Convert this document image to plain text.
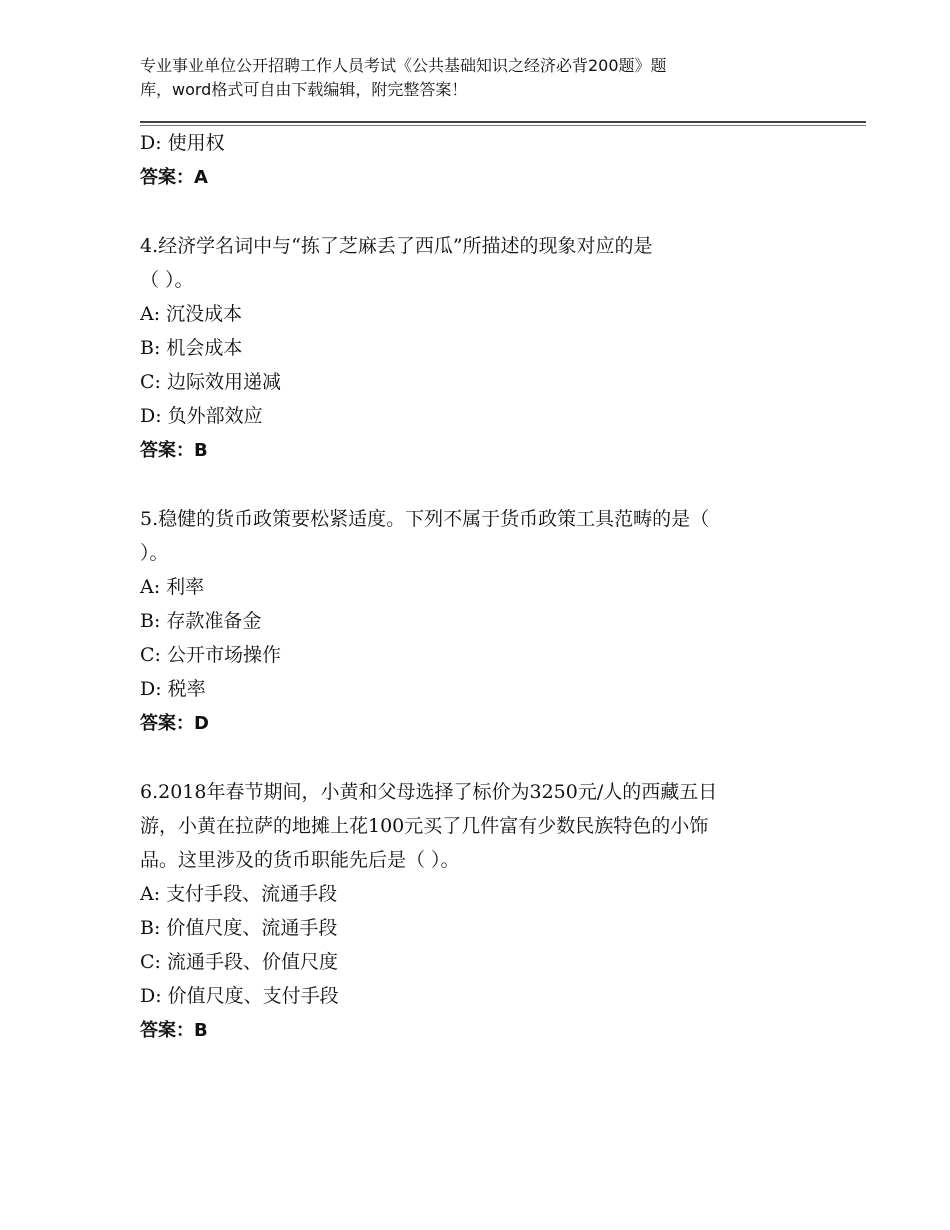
专业事业单位公开招聘工作人员考试《公共基础知识之经济必背200题》题
库，word格式可自由下载编辑，附完整答案！
D: 使用权
答案：A
4.经济学名词中与“拣了芝麻丢了西瓜”所描述的现象对应的是
（ ）。
A: 沉没成本
B: 机会成本
C: 边际效用递减
D: 负外部效应
答案：B
5.稳健的货币政策要松紧适度。下列不属于货币政策工具范畴的是（
）。
A: 利率
B: 存款准备金
C: 公开市场操作
D: 税率
答案：D
6.2018年春节期间，小黄和父母选择了标价为3250元/人的西藏五日
游，小黄在拉萨的地摊上花100元买了几件富有少数民族特色的小饰
品。这里涉及的货币职能先后是（ ）。
A: 支付手段、流通手段
B: 价值尺度、流通手段
C: 流通手段、价值尺度
D: 价值尺度、支付手段
答案：B
